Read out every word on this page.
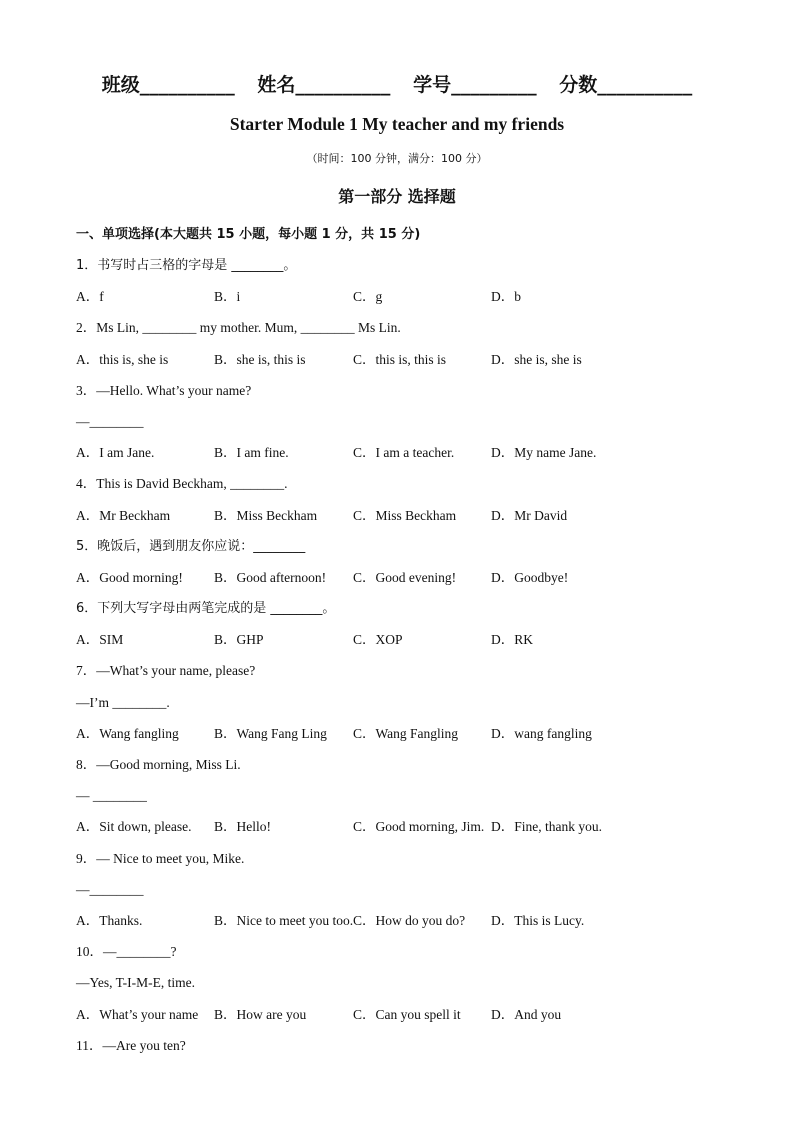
班级__________ 姓名__________ 学号_________ 分数__________
Starter Module 1 My teacher and my friends
（时间：100 分钟，满分：100 分）
第一部分 选择题
一、单项选择(本大题共 15 小题，每小题 1 分，共 15 分)
1．书写时占三格的字母是 ________。
A．f	B．i	C．g	D．b
2．Ms Lin, ________ my mother. Mum, ________ Ms Lin.
A．this is, she is	B．she is, this is	C．this is, this is	D．she is, she is
3．—Hello. What’s your name?
—________
A．I am Jane.	B．I am fine.	C．I am a teacher.	D．My name Jane.
4．This is David Beckham, ________.
A．Mr Beckham	B．Miss Beckham	C．Miss Beckham	D．Mr David
5．晚饭后，遇到朋友你应说：________
A．Good morning! B．Good afternoon! C．Good evening!	D．Goodbye!
6．下列大写字母由两笔完成的是 ________。
A．SIM	B．GHP	C．XOP	D．RK
7．—What’s your name, please?
—I’m ________.
A．Wang fangling	B．Wang Fang Ling C．Wang Fangling D．wang fangling
8．—Good morning, Miss Li.
— ________
A．Sit down, please. B．Hello!	C．Good morning, Jim. D．Fine, thank you.
9．— Nice to meet you, Mike.
—________
A．Thanks.	B．Nice to meet you too. C．How do you do? D．This is Lucy.
10．—________?
—Yes, T-I-M-E, time.
A．What’s your name B．How are you	C．Can you spell it D．And you
11．—Are you ten?
